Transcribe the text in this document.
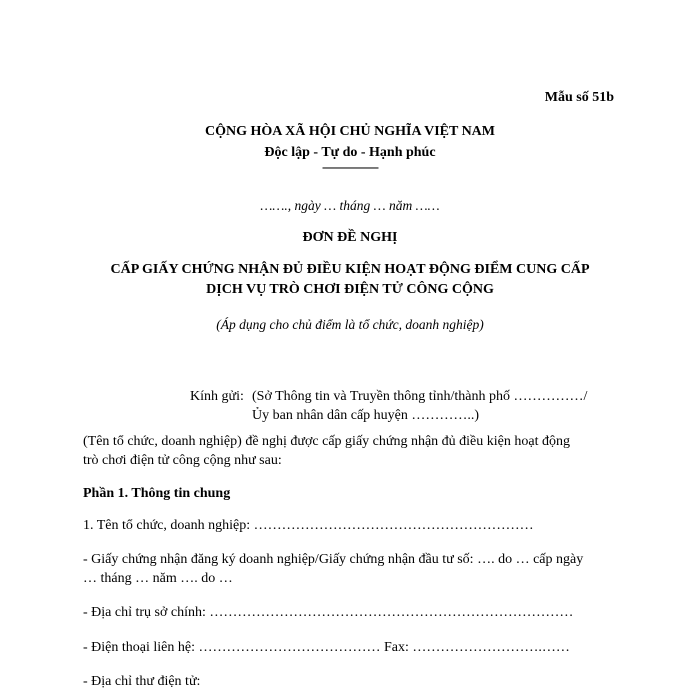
Mẫu số 51b
CỘNG HÒA XÃ HỘI CHỦ NGHĨA VIỆT NAM
Độc lập - Tự do - Hạnh phúc
----------------
……., ngày … tháng … năm ……
ĐƠN ĐỀ NGHỊ
CẤP GIẤY CHỨNG NHẬN ĐỦ ĐIỀU KIỆN HOẠT ĐỘNG ĐIỂM CUNG CẤP
DỊCH VỤ TRÒ CHƠI ĐIỆN TỬ CÔNG CỘNG
(Áp dụng cho chủ điểm là tổ chức, doanh nghiệp)
Kính gửi: (Sở Thông tin và Truyền thông tỉnh/thành phố ……………/
Ủy ban nhân dân cấp huyện …………..)
(Tên tổ chức, doanh nghiệp) đề nghị được cấp giấy chứng nhận đủ điều kiện hoạt động
trò chơi điện tử công cộng như sau:
Phần 1. Thông tin chung
1. Tên tổ chức, doanh nghiệp: ……………………………………………………
- Giấy chứng nhận đăng ký doanh nghiệp/Giấy chứng nhận đầu tư số: …. do … cấp ngày
… tháng … năm …. do …
- Địa chỉ trụ sở chính: ……………………………………………………………………
- Điện thoại liên hệ: ………………………………… Fax: ……………………….……
- Địa chỉ thư điện tử:
